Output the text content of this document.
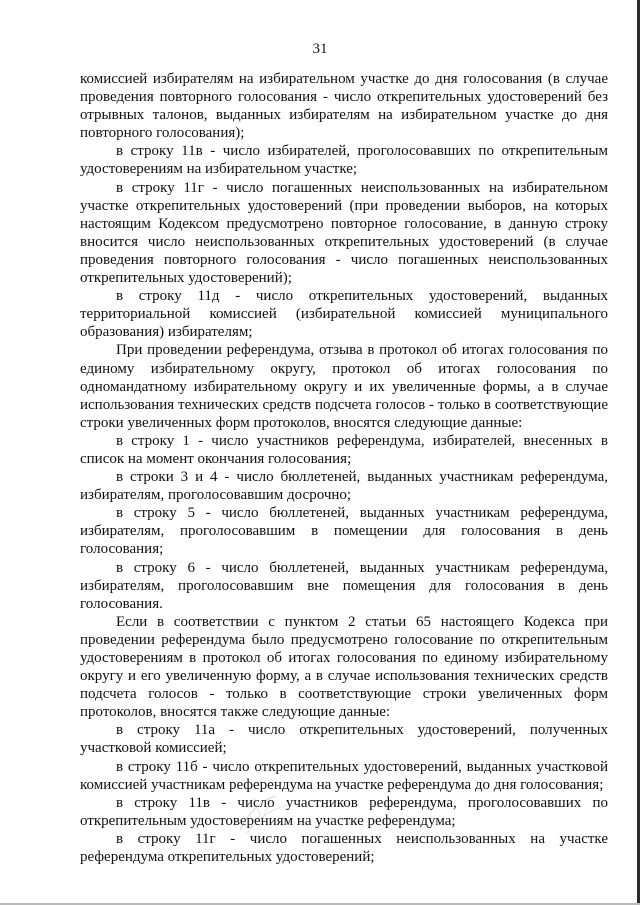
31

комиссией избирателям на избирательном участке до дня голосования (в случае проведения повторного голосования - число открепительных удостоверений без отрывных талонов, выданных избирателям на избирательном участке до дня повторного голосования);

в строку 11в - число избирателей, проголосовавших по открепительным удостоверениям на избирательном участке;

в строку 11г - число погашенных неиспользованных на избирательном участке открепительных удостоверений (при проведении выборов, на которых настоящим Кодексом предусмотрено повторное голосование, в данную строку вносится число неиспользованных открепительных удостоверений (в случае проведения повторного голосования - число погашенных неиспользованных открепительных удостоверений);

в строку 11д - число открепительных удостоверений, выданных территориальной комиссией (избирательной комиссией муниципального образования) избирателям;

При проведении референдума, отзыва в протокол об итогах голосования по единому избирательному округу, протокол об итогах голосования по одномандатному избирательному округу и их увеличенные формы, а в случае использования технических средств подсчета голосов - только в соответствующие строки увеличенных форм протоколов, вносятся следующие данные:

в строку 1 - число участников референдума, избирателей, внесенных в список на момент окончания голосования;

в строки 3 и 4 - число бюллетеней, выданных участникам референдума, избирателям, проголосовавшим досрочно;

в строку 5 - число бюллетеней, выданных участникам референдума, избирателям, проголосовавшим в помещении для голосования в день голосования;

в строку 6 - число бюллетеней, выданных участникам референдума, избирателям, проголосовавшим вне помещения для голосования в день голосования.

Если в соответствии с пунктом 2 статьи 65 настоящего Кодекса при проведении референдума было предусмотрено голосование по открепительным удостоверениям в протокол об итогах голосования по единому избирательному округу и его увеличенную форму, а в случае использования технических средств подсчета голосов - только в соответствующие строки увеличенных форм протоколов, вносятся также следующие данные:

в строку 11а - число открепительных удостоверений, полученных участковой комиссией;

в строку 11б - число открепительных удостоверений, выданных участковой комиссией участникам референдума на участке референдума до дня голосования;

в строку 11в - число участников референдума, проголосовавших по открепительным удостоверениям на участке референдума;

в строку 11г - число погашенных неиспользованных на участке референдума открепительных удостоверений;
